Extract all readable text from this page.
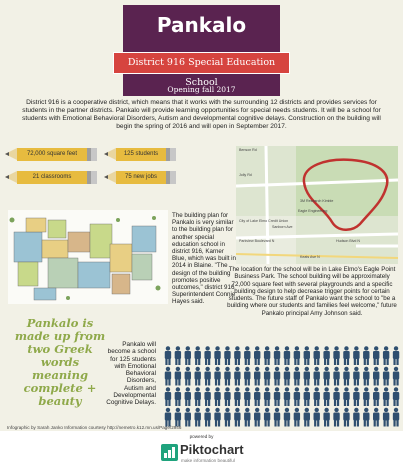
Pankalo
Opening fall 2017
District 916 Special Education School
District 916 is a cooperative district, which means that it works with the surrounding 12 districts and provides services for students in the partner districts. Pankalo will provide learning opportunities for special needs students. It will be a school for students with Emotional Behavioral Disorders, Autism and developmental cognitive delays. Construction on the building will begin the spring of 2016 and will open in September 2017.
72,000 square feet	125 students
21 classrooms	75 new jobs
The building plan for Pankalo is very similar to the building plan for another special education school in district 916, Karner Blue, which was built in 2014 in Blaine. "The design of the building promotes positive outcomes," district 916 Superintendent Connie Hayes said.
Benson Rd
Jolly Rd
3M Research Kimble
City of Lake Elmo Credit Union
Eagle Engineering
Parkview Boulevard N
Sanborn Ave
Hudson Blvd N
Keats Ave N
The location for the school will be in Lake Elmo's Eagle Point Business Park. The school building will be approximately 72,000 square feet with several playgrounds and a specific building design to help decrease trigger points for certain students. The future staff of Pankalo want the school to "be a building where our students and families feel welcome," future Pankalo principal Amy Johnson said.
Pankalo is made up from two Greek words meaning complete + beauty
Pankalo will become a school for 125 students with Emotional Behavioral Disorders, Autism and Developmental Cognitive Delays.
Infographic by Sarah Janko Information courtesy http://nemetro.k12.mn.us/Page/2946
powered by
Piktochart
make information beautiful
